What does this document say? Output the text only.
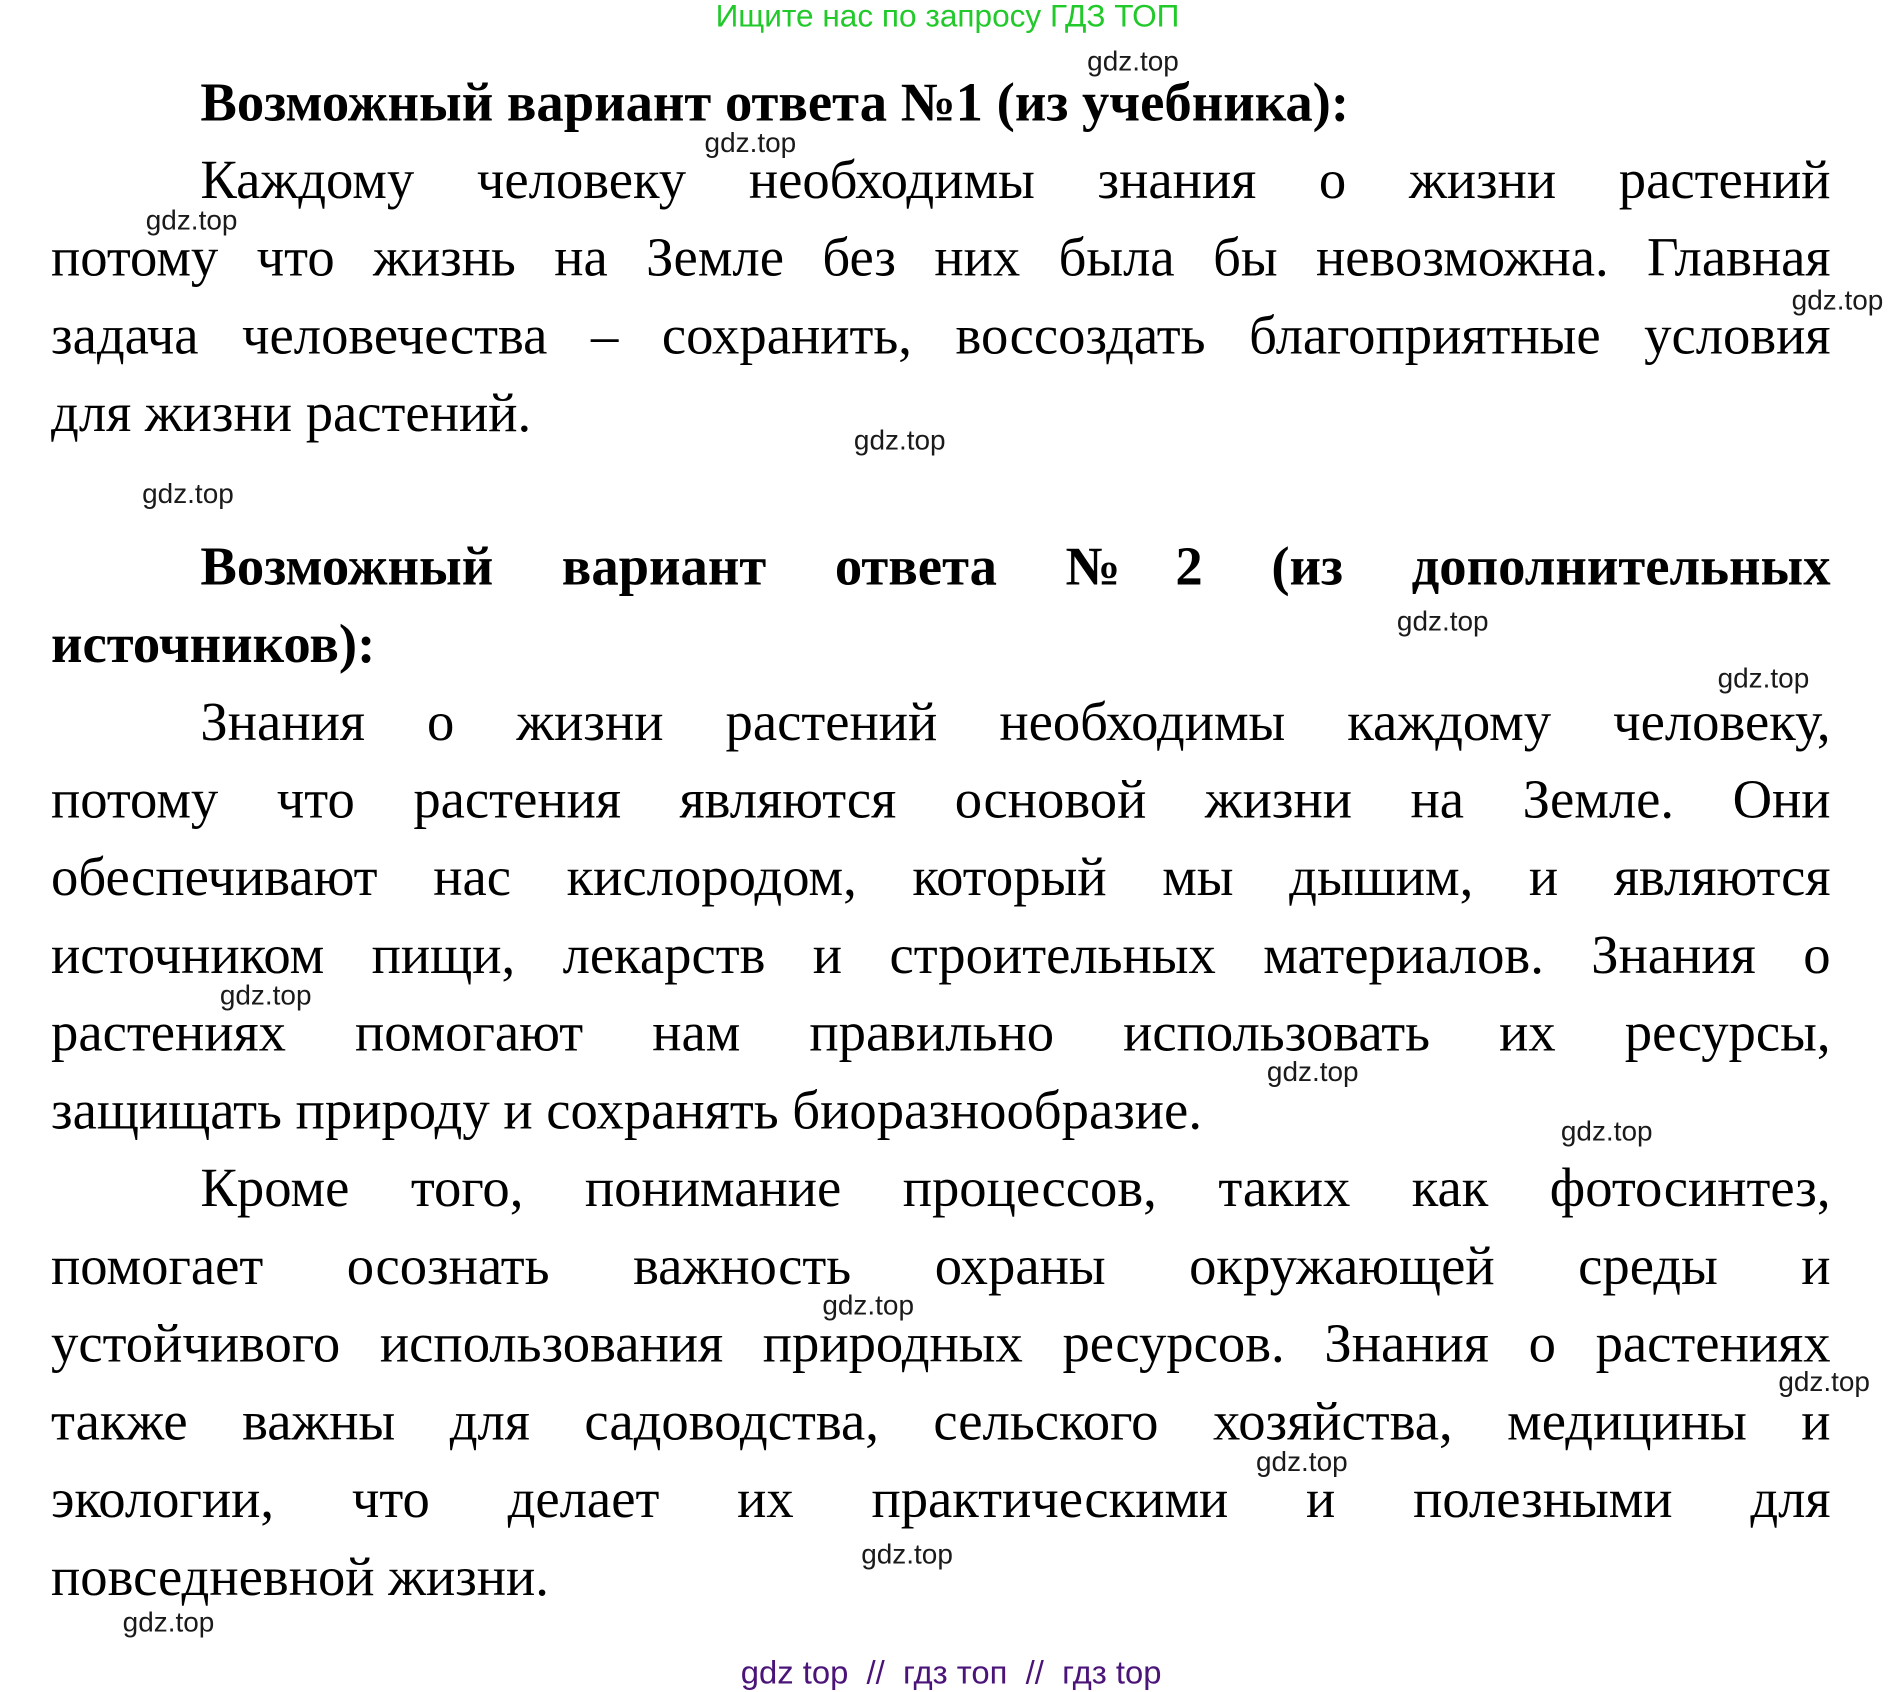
Ищите нас по запросу ГДЗ ТОП
Возможный вариант ответа №1 (из учебника):
Каждому человеку необходимы знания о жизни растений
потому что жизнь на Земле без них была бы невозможна. Главная
задача человечества – сохранить, воссоздать благоприятные условия
для жизни растений.
Возможный вариант ответа №2 (из дополнительных
источников):
Знания о жизни растений необходимы каждому человеку,
потому что растения являются основой жизни на Земле. Они
обеспечивают нас кислородом, который мы дышим, и являются
источником пищи, лекарств и строительных материалов. Знания о
растениях помогают нам правильно использовать их ресурсы,
защищать природу и сохранять биоразнообразие.
Кроме того, понимание процессов, таких как фотосинтез,
помогает осознать важность охраны окружающей среды и
устойчивого использования природных ресурсов. Знания о растениях
также важны для садоводства, сельского хозяйства, медицины и
экологии, что делает их практическими и полезными для
повседневной жизни.
gdz.top
gdz.top
gdz.top
gdz.top
gdz.top
gdz.top
gdz.top
gdz.top
gdz.top
gdz.top
gdz.top
gdz.top
gdz.top
gdz.top
gdz.top
gdz.top
gdz top  //  гдз топ  //  гдз top
